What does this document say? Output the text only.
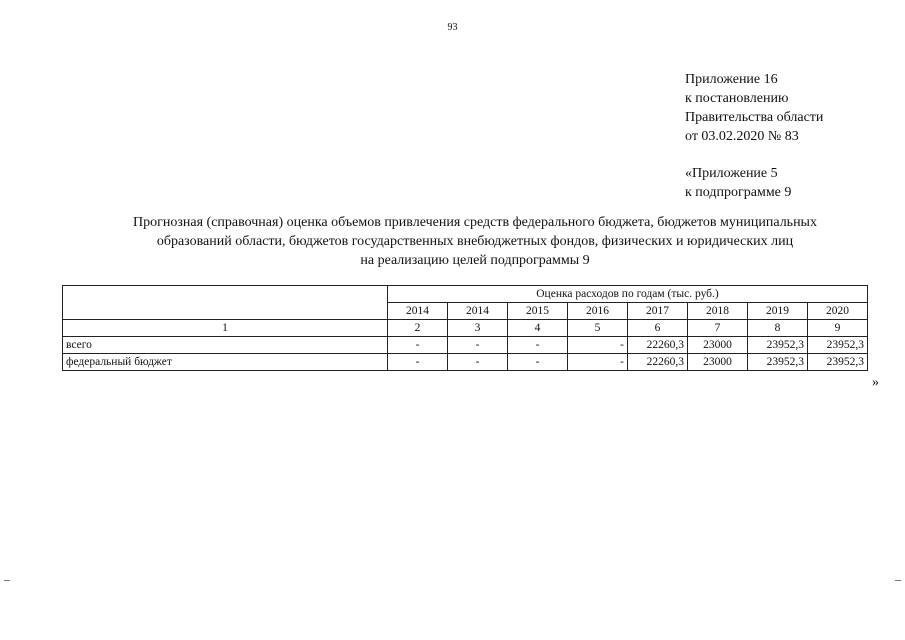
93
Приложение 16
к постановлению
Правительства области
от 03.02.2020 № 83
«Приложение 5
к подпрограмме 9
Прогнозная (справочная) оценка объемов привлечения средств федерального бюджета, бюджетов муниципальных
образований области, бюджетов государственных внебюджетных фондов, физических и юридических лиц
на реализацию целей подпрограммы 9
	Оценка расходов по годам (тыс. руб.)							
	2014	2014	2015	2016	2017	2018	2019	2020
1	2	3	4	5	6	7	8	9
всего	-	-	-	-	22260,3	23000	23952,3	23952,3
федеральный бюджет	-	-	-	-	22260,3	23000	23952,3	23952,3
»
